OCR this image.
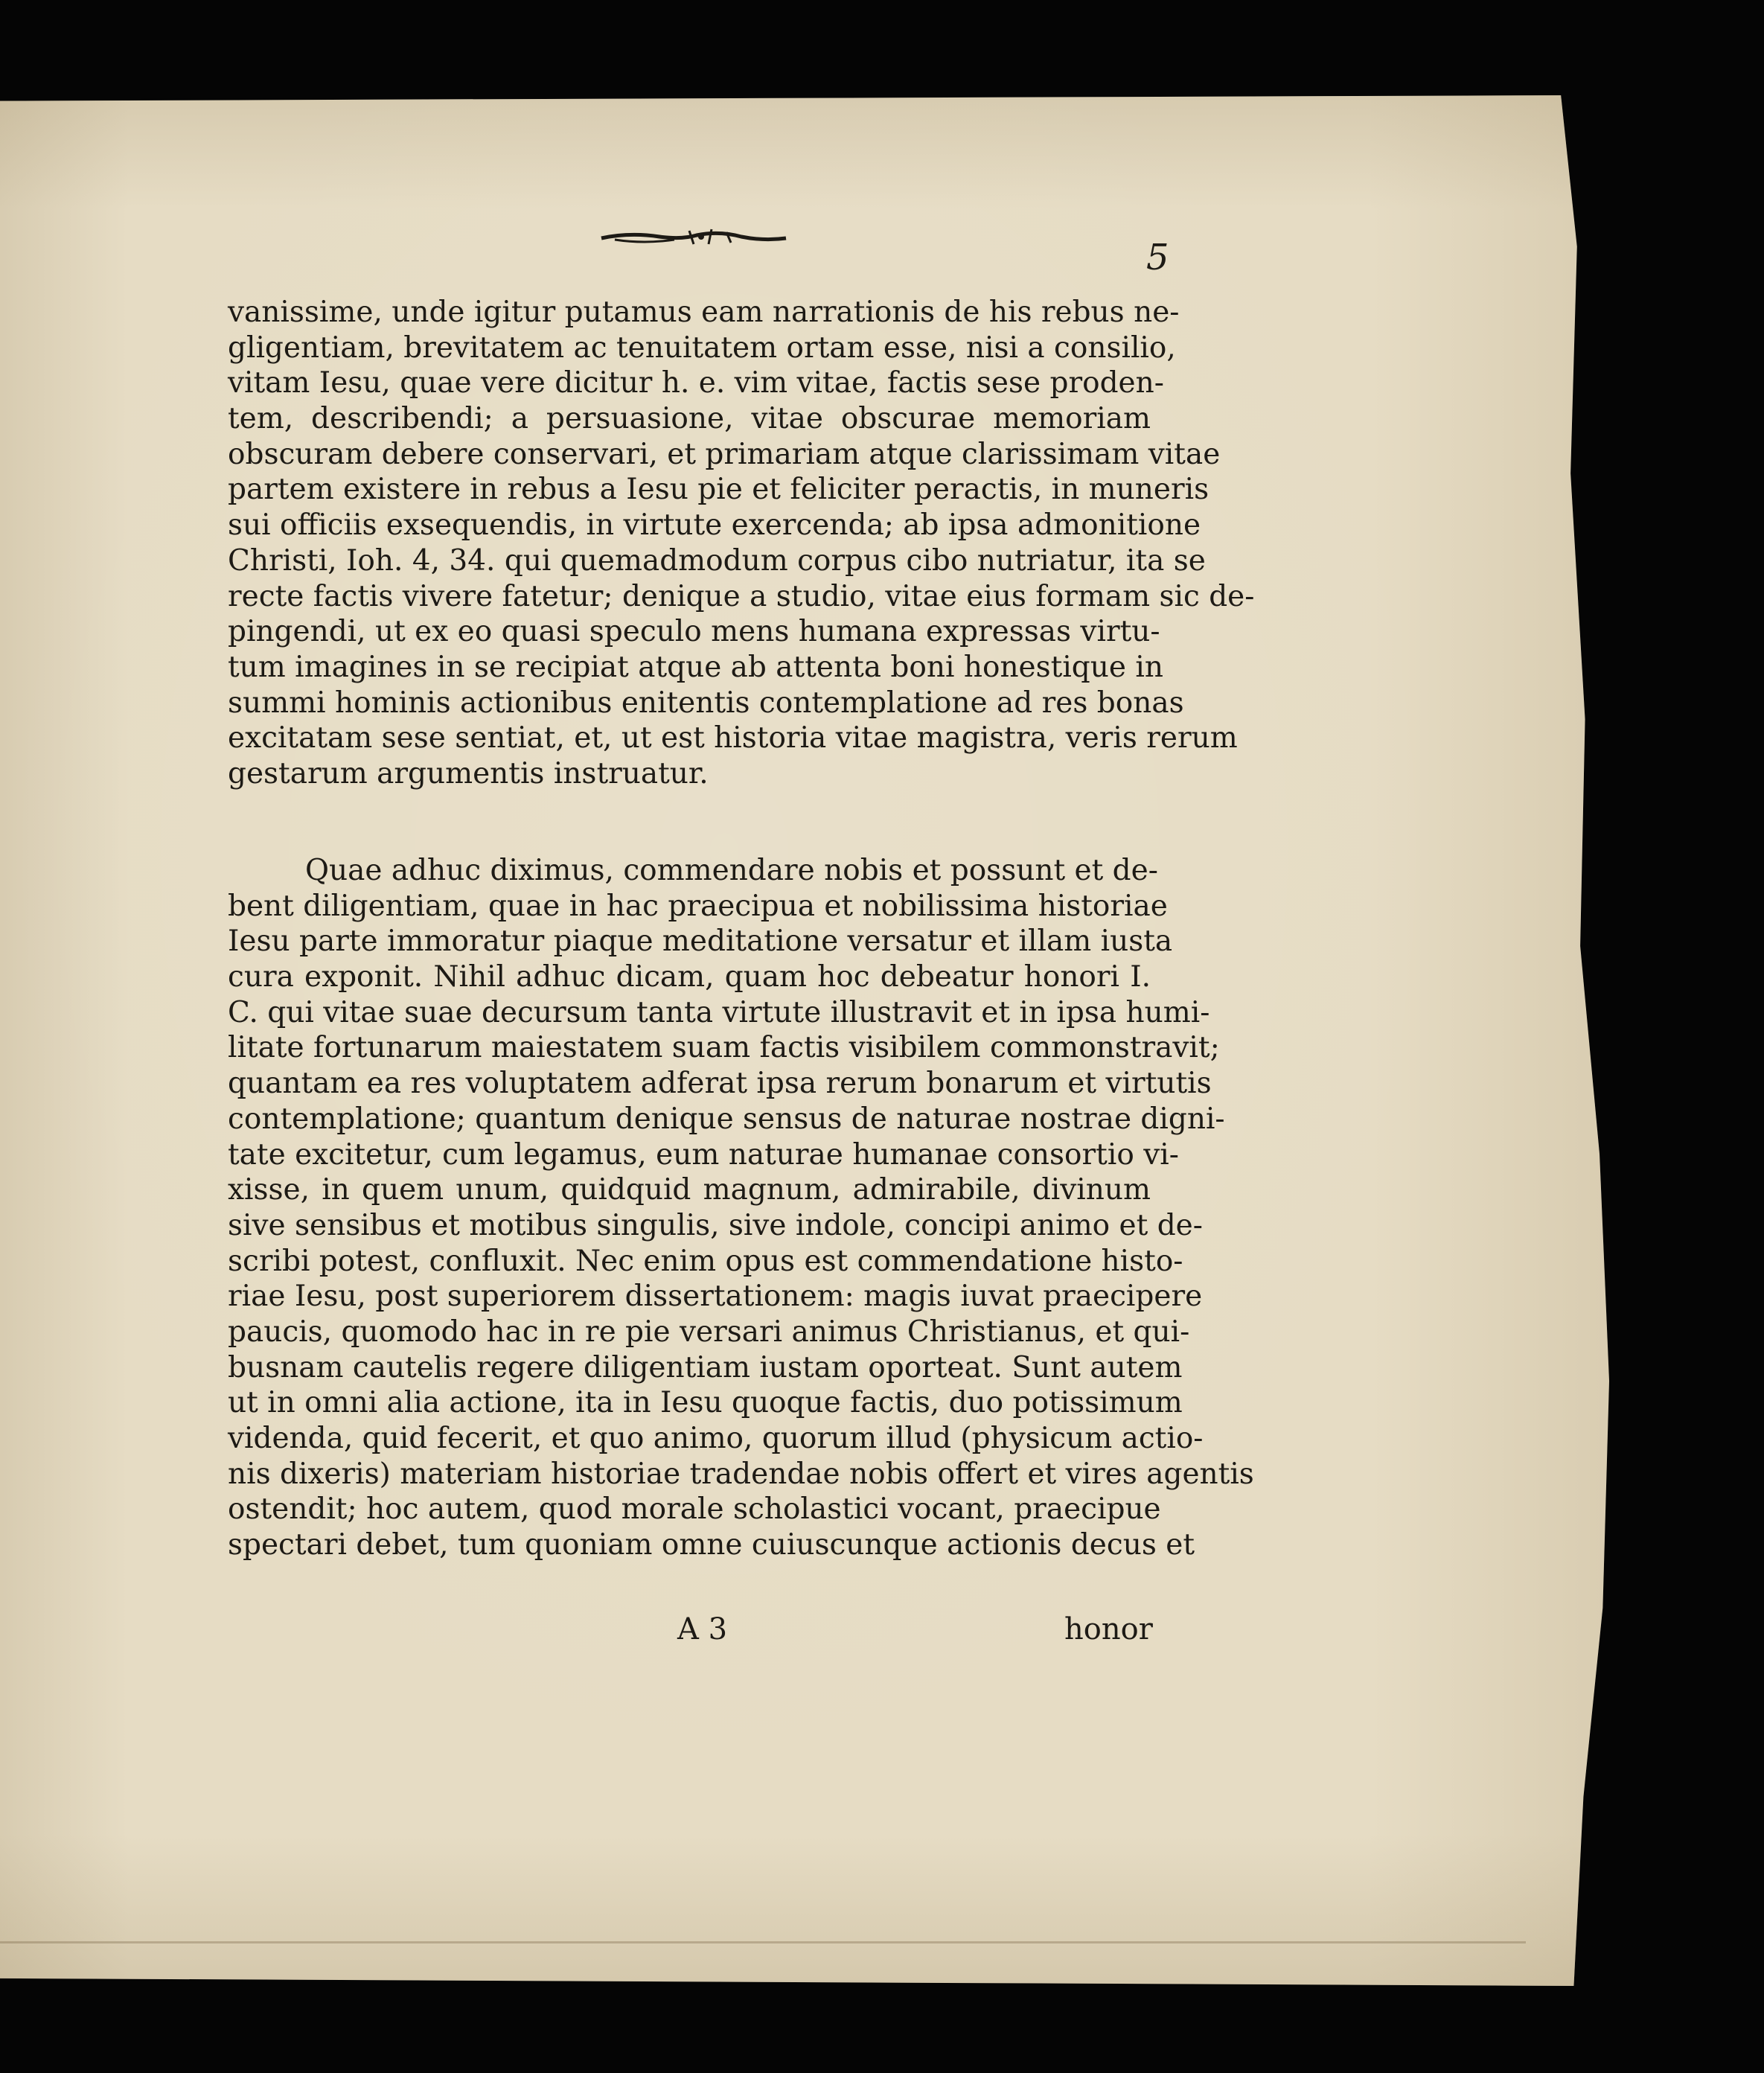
5
vanissime, unde igitur putamus eam narrationis de his rebus ne-
gligentiam, brevitatem ac tenuitatem ortam esse, nisi a consilio,
vitam Iesu, quae vere dicitur h. e. vim vitae, factis sese proden-
tem, describendi; a persuasione, vitae obscurae memoriam
obscuram debere conservari, et primariam atque clarissimam vitae
partem existere in rebus a Iesu pie et feliciter peractis, in muneris
sui officiis exsequendis, in virtute exercenda; ab ipsa admonitione
Christi, Ioh. 4, 34. qui quemadmodum corpus cibo nutriatur, ita se
recte factis vivere fatetur; denique a studio, vitae eius formam sic de-
pingendi, ut ex eo quasi speculo mens humana expressas virtu-
tum imagines in se recipiat atque ab attenta boni honestique in
summi hominis actionibus enitentis contemplatione ad res bonas
excitatam sese sentiat, et, ut est historia vitae magistra, veris rerum
gestarum argumentis instruatur.
Quae adhuc diximus, commendare nobis et possunt et de-
bent diligentiam, quae in hac praecipua et nobilissima historiae
Iesu parte immoratur piaque meditatione versatur et illam iusta
cura exponit. Nihil adhuc dicam, quam hoc debeatur honori I.
C. qui vitae suae decursum tanta virtute illustravit et in ipsa humi-
litate fortunarum maiestatem suam factis visibilem commonstravit;
quantam ea res voluptatem adferat ipsa rerum bonarum et virtutis
contemplatione; quantum denique sensus de naturae nostrae digni-
tate excitetur, cum legamus, eum naturae humanae consortio vi-
xisse, in quem unum, quidquid magnum, admirabile, divinum
sive sensibus et motibus singulis, sive indole, concipi animo et de-
scribi potest, confluxit. Nec enim opus est commendatione histo-
riae Iesu, post superiorem dissertationem: magis iuvat praecipere
paucis, quomodo hac in re pie versari animus Christianus, et qui-
busnam cautelis regere diligentiam iustam oporteat. Sunt autem
ut in omni alia actione, ita in Iesu quoque factis, duo potissimum
videnda, quid fecerit, et quo animo, quorum illud (physicum actio-
nis dixeris) materiam historiae tradendae nobis offert et vires agentis
ostendit; hoc autem, quod morale scholastici vocant, praecipue
spectari debet, tum quoniam omne cuiuscunque actionis decus et
A 3	honor
